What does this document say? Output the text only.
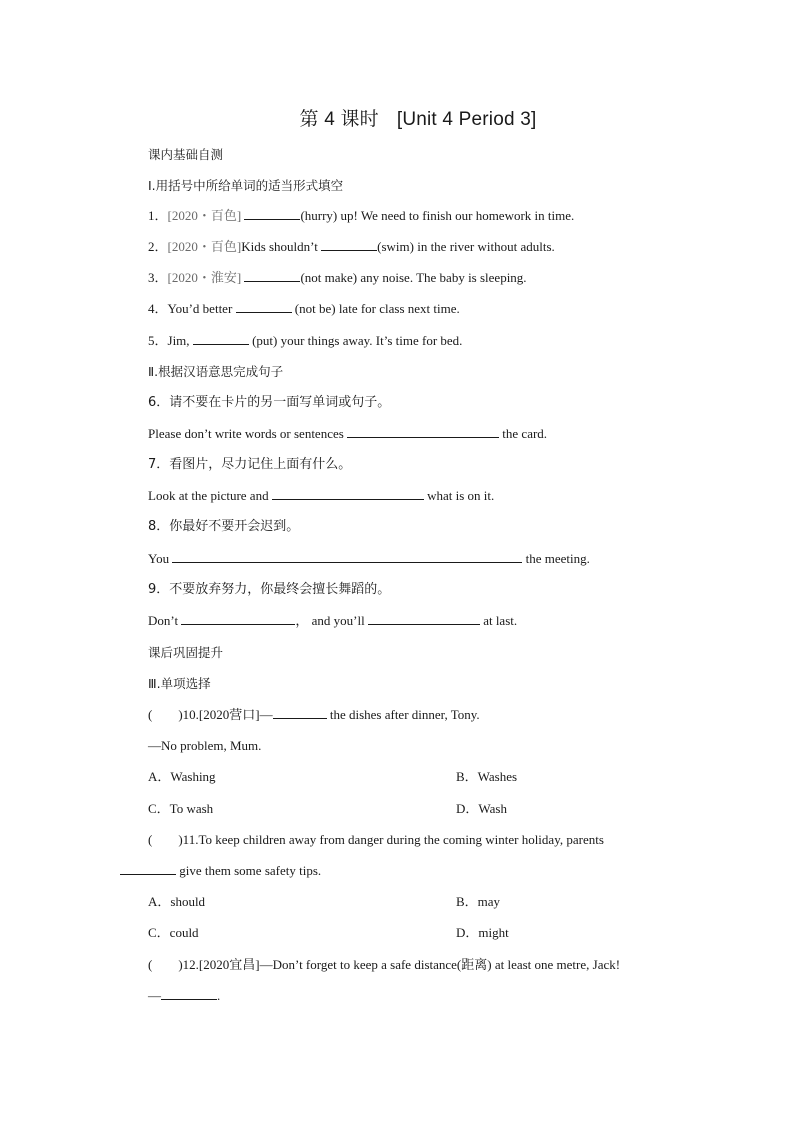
第 4 课时 [Unit 4 Period 3]
课内基础自测
Ⅰ.用括号中所给单词的适当形式填空
1．[2020・百色]	(hurry) up! We need to finish our homework in time.
2．[2020・百色]Kids shouldn’t	(swim) in the river without adults.
3．[2020・淮安]	(not make) any noise. The baby is sleeping.
4．You’d better	(not be) late for class next time.
5．Jim,	(put) your things away. It’s time for bed.
Ⅱ.根据汉语意思完成句子
6．请不要在卡片的另一面写单词或句子。
Please don’t write words or sentences	the card.
7．看图片，尽力记住上面有什么。
Look at the picture and	what is on it.
8．你最好不要开会迟到。
You	the meeting.
9．不要放弃努力，你最终会擅长舞蹈的。
Don’t	， and you’ll	at last.
课后巩固提升
Ⅲ.单项选择
(　　)10.[2020营口]—	the dishes after dinner, Tony.
—No problem, Mum.
A．Washing	B．Washes
C．To wash	D．Wash
(　　)11.To keep children away from danger during the coming winter holiday, parents
give them some safety tips.
A．should	B．may
C．could	D．might
(　　)12.[2020宜昌]—Don’t forget to keep a safe distance(距离) at least one metre, Jack!
—	.
